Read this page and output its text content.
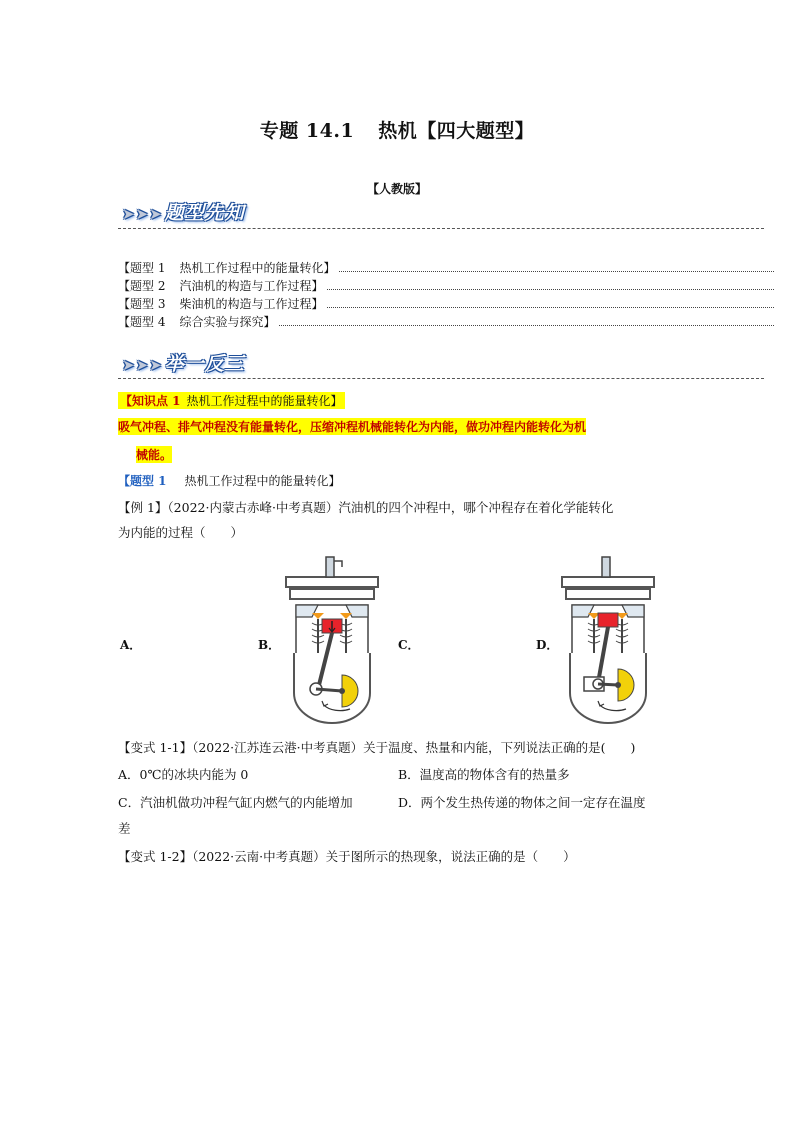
专题 14.1 热机【四大题型】
【人教版】
➤➤➤ 题型先知
【题型 1 热机工作过程中的能量转化】
【题型 2 汽油机的构造与工作过程】
【题型 3 柴油机的构造与工作过程】
【题型 4 综合实验与探究】
➤➤➤ 举一反三
【知识点 1 热机工作过程中的能量转化】
吸气冲程、排气冲程没有能量转化，压缩冲程机械能转化为内能，做功冲程内能转化为机
械能。
【题型 1 热机工作过程中的能量转化】
【例 1】（2022·内蒙古赤峰·中考真题）汽油机的四个冲程中，哪个冲程存在着化学能转化
为内能的过程（　　）
A．	B．	C．	D．
【变式 1-1】（2022·江苏连云港·中考真题）关于温度、热量和内能，下列说法正确的是(　　)
A．0℃的冰块内能为 0	B．温度高的物体含有的热量多
C．汽油机做功冲程气缸内燃气的内能增加	D．两个发生热传递的物体之间一定存在温度
差
【变式 1-2】（2022·云南·中考真题）关于图所示的热现象，说法正确的是（　　）
